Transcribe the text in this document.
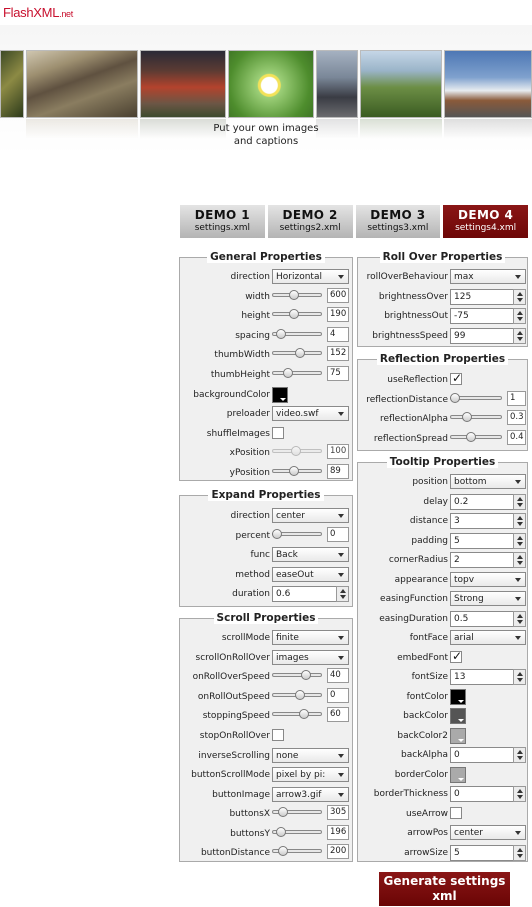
FlashXML.net
Put your own images
and captions
DEMO 1
settings.xml
DEMO 2
settings2.xml
DEMO 3
settings3.xml
DEMO 4
settings4.xml
General Properties
direction Horizontal
width	600
height	190
spacing	4
thumbWidth	152
thumbHeight	75
backgroundColor
preloader video.swf
shuffleImages
xPosition	100
yPosition	89
Expand Properties
direction center
percent	0
func Back
method easeOut
duration 0.6
Scroll Properties
scrollMode finite
scrollOnRollOver images
onRollOverSpeed	40
onRollOutSpeed	0
stoppingSpeed	60
stopOnRollOver
inverseScrolling none
buttonScrollMode pixel by pi:
buttonImage arrow3.gif
buttonsX	305
buttonsY	196
buttonDistance	200
Roll Over Properties
rollOverBehaviour max
brightnessOver 125
brightnessOut -75
brightnessSpeed 99
Reflection Properties
useReflection
✓
reflectionDistance	1
reflectionAlpha	0.3
reflectionSpread	0.4
Tooltip Properties
position bottom
delay 0.2
distance 3
padding 5
cornerRadius 2
appearance topv
easingFunction Strong
easingDuration 0.5
fontFace arial
embedFont
✓
fontSize 13
fontColor
backColor
backColor2
backAlpha 0
borderColor
borderThickness 0
useArrow
arrowPos center
arrowSize 5
Generate settings
xml
